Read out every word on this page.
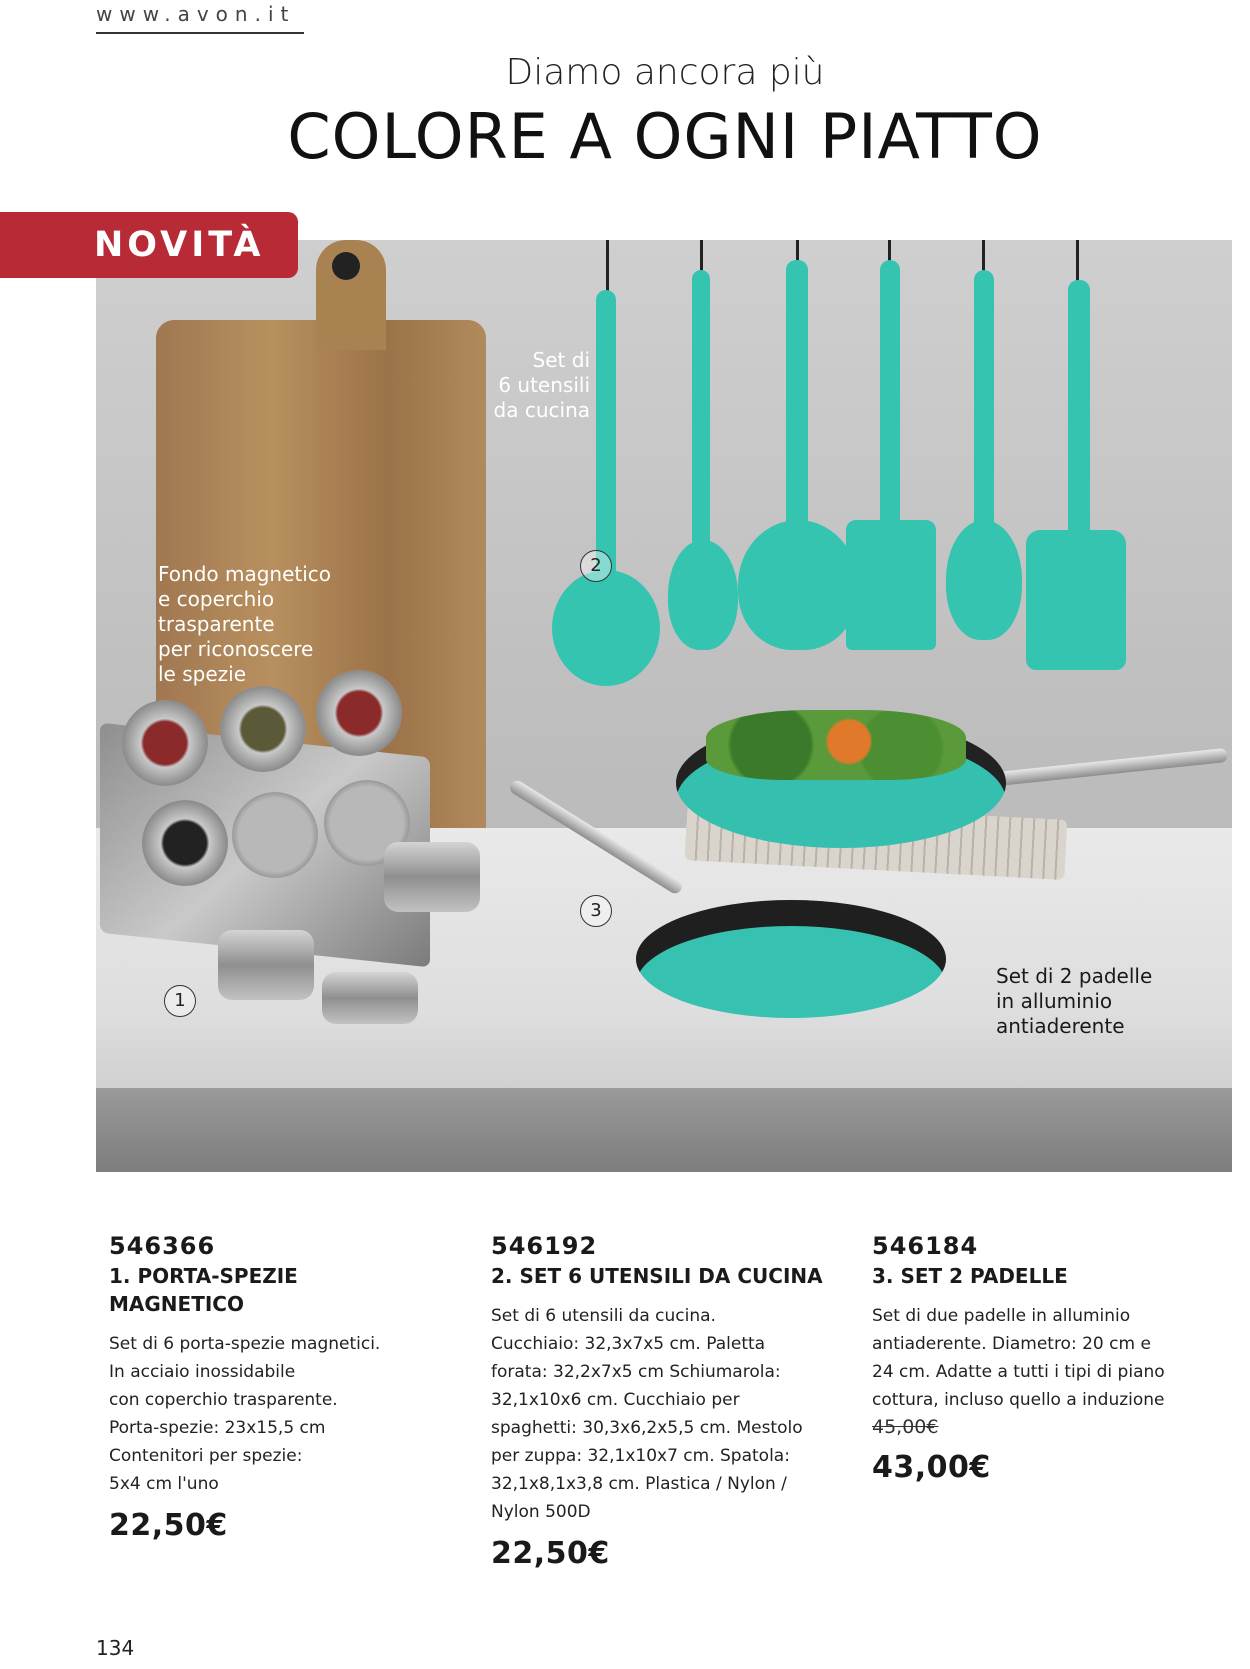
www.avon.it
Diamo ancora più
COLORE A OGNI PIATTO
Fondo magnetico
e coperchio
trasparente
per riconoscere
le spezie
Set di
6 utensili
da cucina
Set di 2 padelle
in alluminio
antiaderente
1
2
3
NOVITÀ
546366
1. PORTA-SPEZIE
MAGNETICO
Set di 6 porta-spezie magnetici.
In acciaio inossidabile
con coperchio trasparente.
Porta-spezie: 23x15,5 cm
Contenitori per spezie:
5x4 cm l'uno
22,50€
546192
2. SET 6 UTENSILI DA CUCINA
Set di 6 utensili da cucina.
Cucchiaio: 32,3x7x5 cm. Paletta
forata: 32,2x7x5 cm Schiumarola:
32,1x10x6 cm. Cucchiaio per
spaghetti: 30,3x6,2x5,5 cm. Mestolo
per zuppa: 32,1x10x7 cm. Spatola:
32,1x8,1x3,8 cm. Plastica / Nylon /
Nylon 500D
22,50€
546184
3. SET 2 PADELLE
Set di due padelle in alluminio
antiaderente. Diametro: 20 cm e
24 cm. Adatte a tutti i tipi di piano
cottura, incluso quello a induzione
45,00€
43,00€
134
